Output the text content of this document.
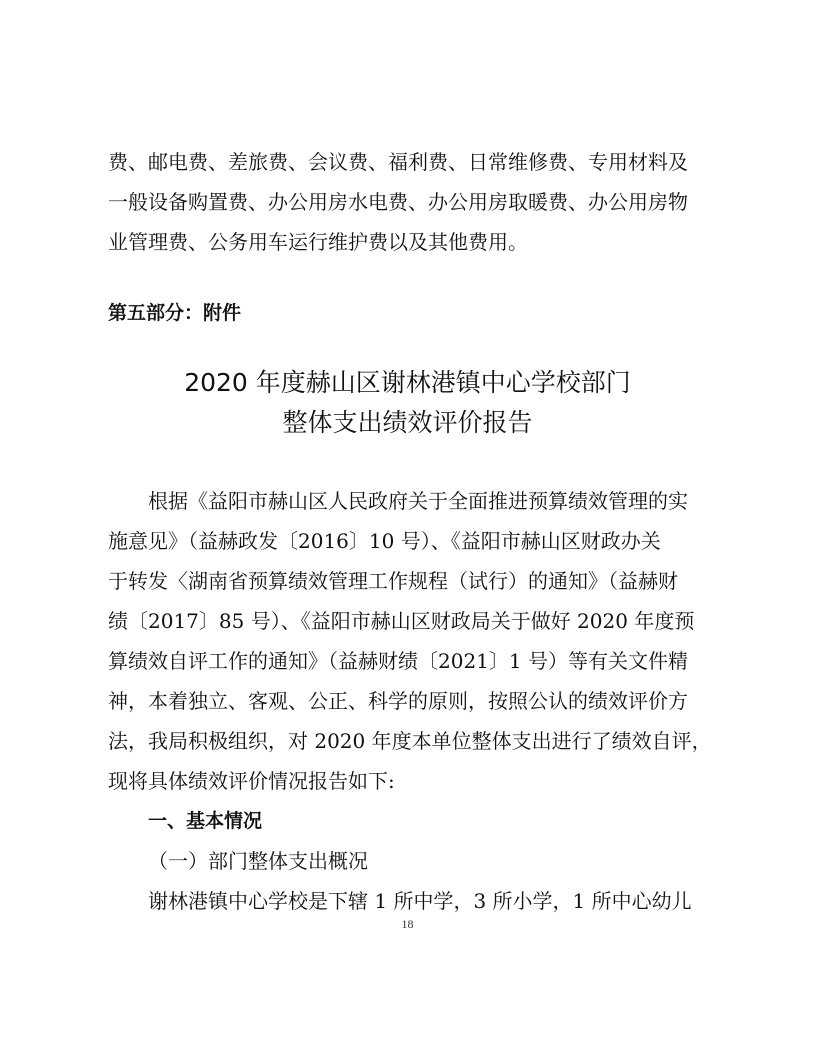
费、邮电费、差旅费、会议费、福利费、日常维修费、专用材料及
一般设备购置费、办公用房水电费、办公用房取暖费、办公用房物
业管理费、公务用车运行维护费以及其他费用。
第五部分：附件
2020 年度赫山区谢林港镇中心学校部门
整体支出绩效评价报告
根据《益阳市赫山区人民政府关于全面推进预算绩效管理的实
施意见》（益赫政发〔2016〕10 号）、《益阳市赫山区财政办关
于转发〈湖南省预算绩效管理工作规程（试行）的通知》（益赫财
绩〔2017〕85 号）、《益阳市赫山区财政局关于做好 2020 年度预
算绩效自评工作的通知》（益赫财绩〔2021〕1 号）等有关文件精
神，本着独立、客观、公正、科学的原则，按照公认的绩效评价方
法，我局积极组织，对 2020 年度本单位整体支出进行了绩效自评，
现将具体绩效评价情况报告如下:
一、基本情况
（一）部门整体支出概况
谢林港镇中心学校是下辖 1 所中学，3 所小学，1 所中心幼儿
18
